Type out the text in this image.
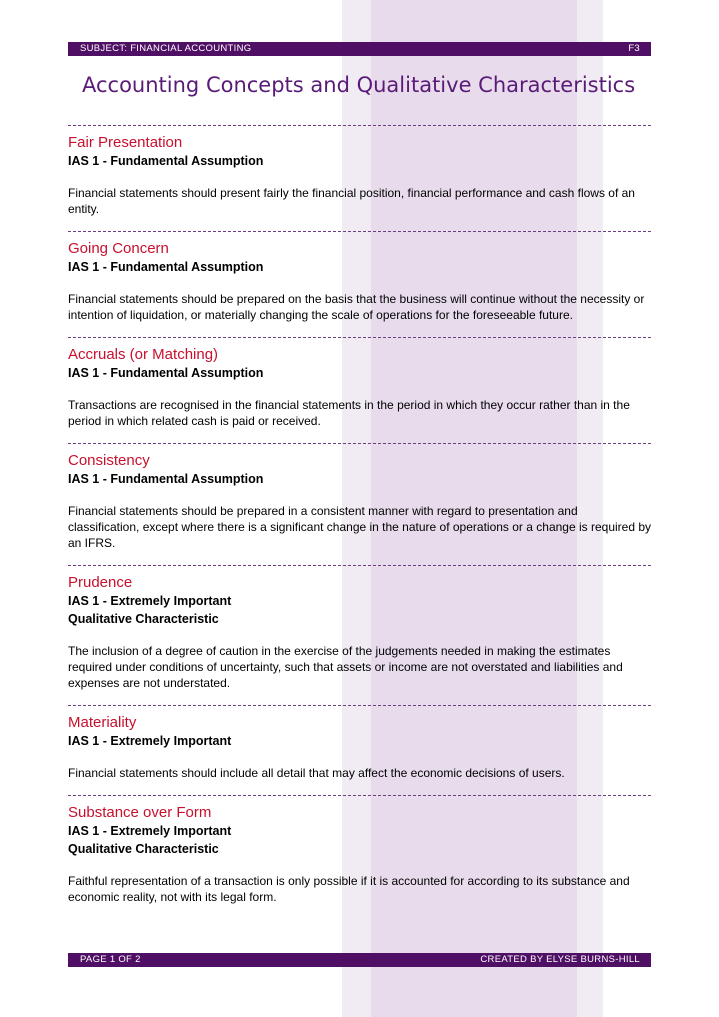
SUBJECT: FINANCIAL ACCOUNTING	F3
Accounting Concepts and Qualitative Characteristics
Fair Presentation
IAS 1 - Fundamental Assumption
Financial statements should present fairly the financial position, financial performance and cash flows of an entity.
Going Concern
IAS 1 - Fundamental Assumption
Financial statements should be prepared on the basis that the business will continue without the necessity or intention of liquidation, or materially changing the scale of operations for the foreseeable future.
Accruals (or Matching)
IAS 1 - Fundamental Assumption
Transactions are recognised in the financial statements in the period in which they occur rather than in the period in which related cash is paid or received.
Consistency
IAS 1 - Fundamental Assumption
Financial statements should be prepared in a consistent manner with regard to presentation and classification, except where there is a significant change in the nature of operations or a change is required by an IFRS.
Prudence
IAS 1 - Extremely Important
Qualitative Characteristic
The inclusion of a degree of caution in the exercise of the judgements needed in making the estimates required under conditions of uncertainty, such that assets or income are not overstated and liabilities and expenses are not understated.
Materiality
IAS 1 - Extremely Important
Financial statements should include all detail that may affect the economic decisions of users.
Substance over Form
IAS 1 - Extremely Important
Qualitative Characteristic
Faithful representation of a transaction is only possible if it is accounted for according to its substance and economic reality, not with its legal form.
PAGE 1 OF 2	CREATED BY ELYSE BURNS-HILL
